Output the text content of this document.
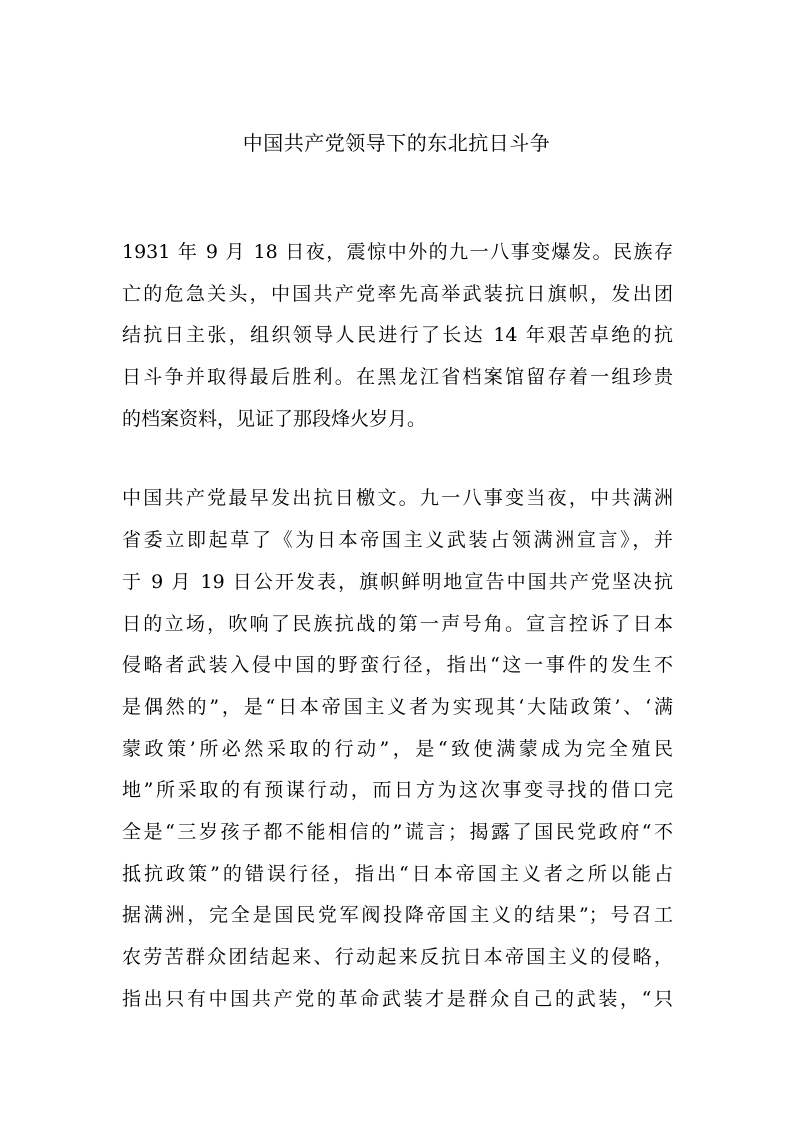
中国共产党领导下的东北抗日斗争
1931 年 9 月 18 日夜，震惊中外的九一八事变爆发。民族存
亡的危急关头，中国共产党率先高举武装抗日旗帜，发出团
结抗日主张，组织领导人民进行了长达 14 年艰苦卓绝的抗
日斗争并取得最后胜利。在黑龙江省档案馆留存着一组珍贵
的档案资料，见证了那段烽火岁月。
中国共产党最早发出抗日檄文。九一八事变当夜，中共满洲
省委立即起草了《为日本帝国主义武装占领满洲宣言》，并
于 9 月 19 日公开发表，旗帜鲜明地宣告中国共产党坚决抗
日的立场，吹响了民族抗战的第一声号角。宣言控诉了日本
侵略者武装入侵中国的野蛮行径，指出“这一事件的发生不
是偶然的”，是“日本帝国主义者为实现其‘大陆政策’、‘满
蒙政策’所必然采取的行动”，是“致使满蒙成为完全殖民
地”所采取的有预谋行动，而日方为这次事变寻找的借口完
全是“三岁孩子都不能相信的”谎言；揭露了国民党政府“不
抵抗政策”的错误行径，指出“日本帝国主义者之所以能占
据满洲，完全是国民党军阀投降帝国主义的结果”；号召工
农劳苦群众团结起来、行动起来反抗日本帝国主义的侵略，
指出只有中国共产党的革命武装才是群众自己的武装，“只
